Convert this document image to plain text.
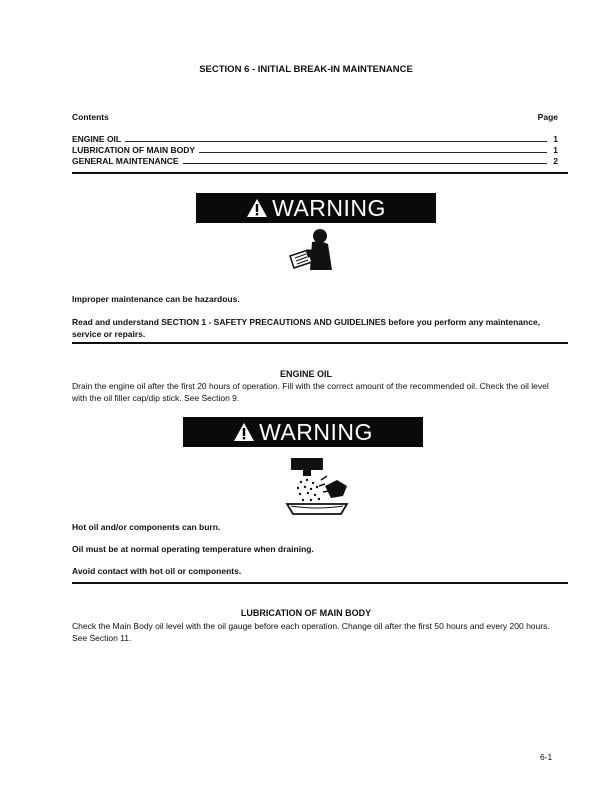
SECTION 6 - INITIAL BREAK-IN MAINTENANCE
Contents	Page
ENGINE OIL	1
LUBRICATION OF MAIN BODY	1
GENERAL MAINTENANCE	2
WARNING
Improper maintenance can be hazardous.
Read and understand SECTION 1 - SAFETY PRECAUTIONS AND GUIDELINES before you perform any maintenance, service or repairs.
ENGINE OIL
Drain the engine oil after the first 20 hours of operation. Fill with the correct amount of the recommended oil. Check the oil level with the oil filler cap/dip stick. See Section 9.
WARNING
Hot oil and/or components can burn.
Oil must be at normal operating temperature when draining.
Avoid contact with hot oil or components.
LUBRICATION OF MAIN BODY
Check the Main Body oil level with the oil gauge before each operation. Change oil after the first 50 hours and every 200 hours. See Section 11.
6-1
